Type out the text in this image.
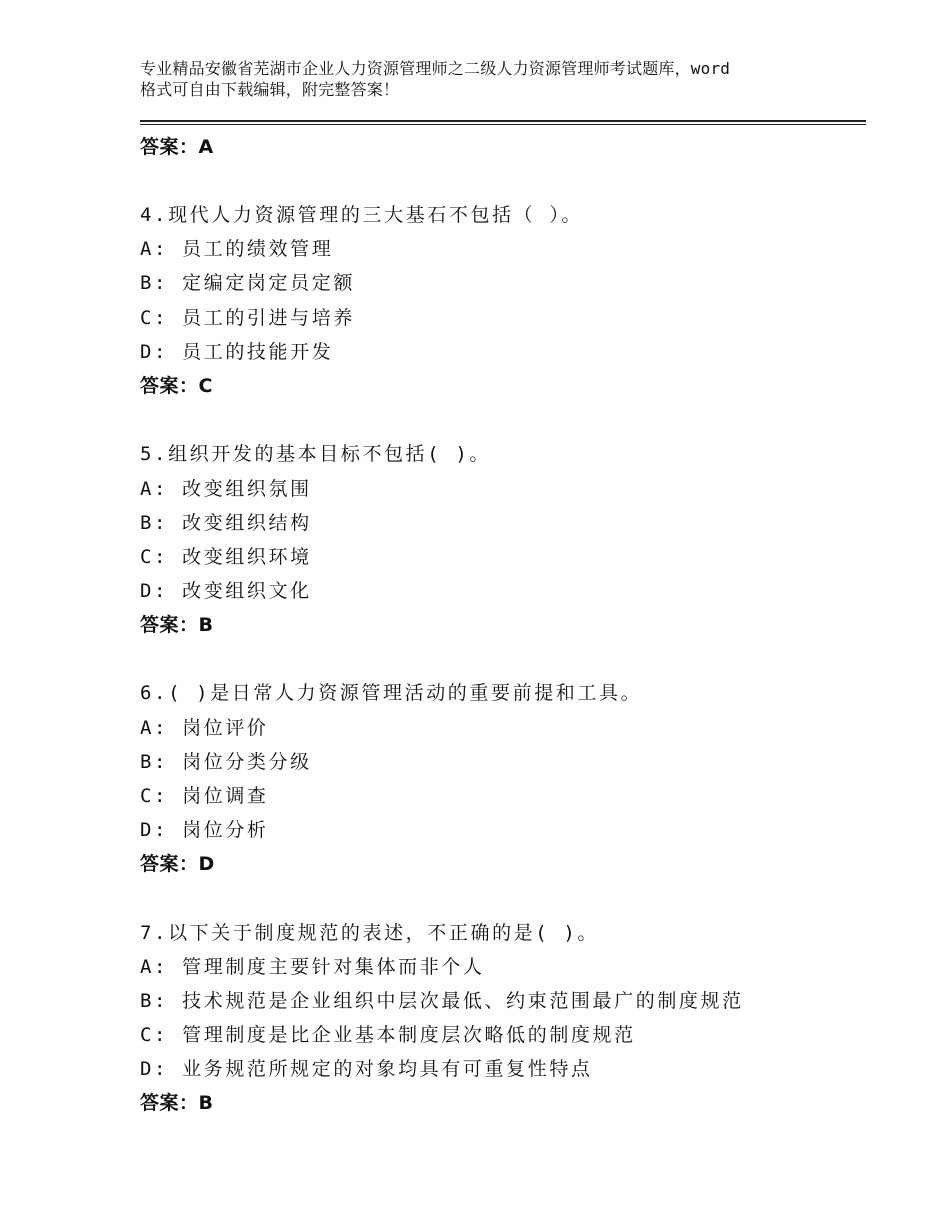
专业精品安徽省芜湖市企业人力资源管理师之二级人力资源管理师考试题库，word
格式可自由下载编辑，附完整答案！
答案：A
4.现代人力资源管理的三大基石不包括（ ）。
A: 员工的绩效管理
B: 定编定岗定员定额
C: 员工的引进与培养
D: 员工的技能开发
答案：C
5.组织开发的基本目标不包括( )。
A: 改变组织氛围
B: 改变组织结构
C: 改变组织环境
D: 改变组织文化
答案：B
6.( )是日常人力资源管理活动的重要前提和工具。
A: 岗位评价
B: 岗位分类分级
C: 岗位调查
D: 岗位分析
答案：D
7.以下关于制度规范的表述，不正确的是( )。
A: 管理制度主要针对集体而非个人
B: 技术规范是企业组织中层次最低、约束范围最广的制度规范
C: 管理制度是比企业基本制度层次略低的制度规范
D: 业务规范所规定的对象均具有可重复性特点
答案：B
